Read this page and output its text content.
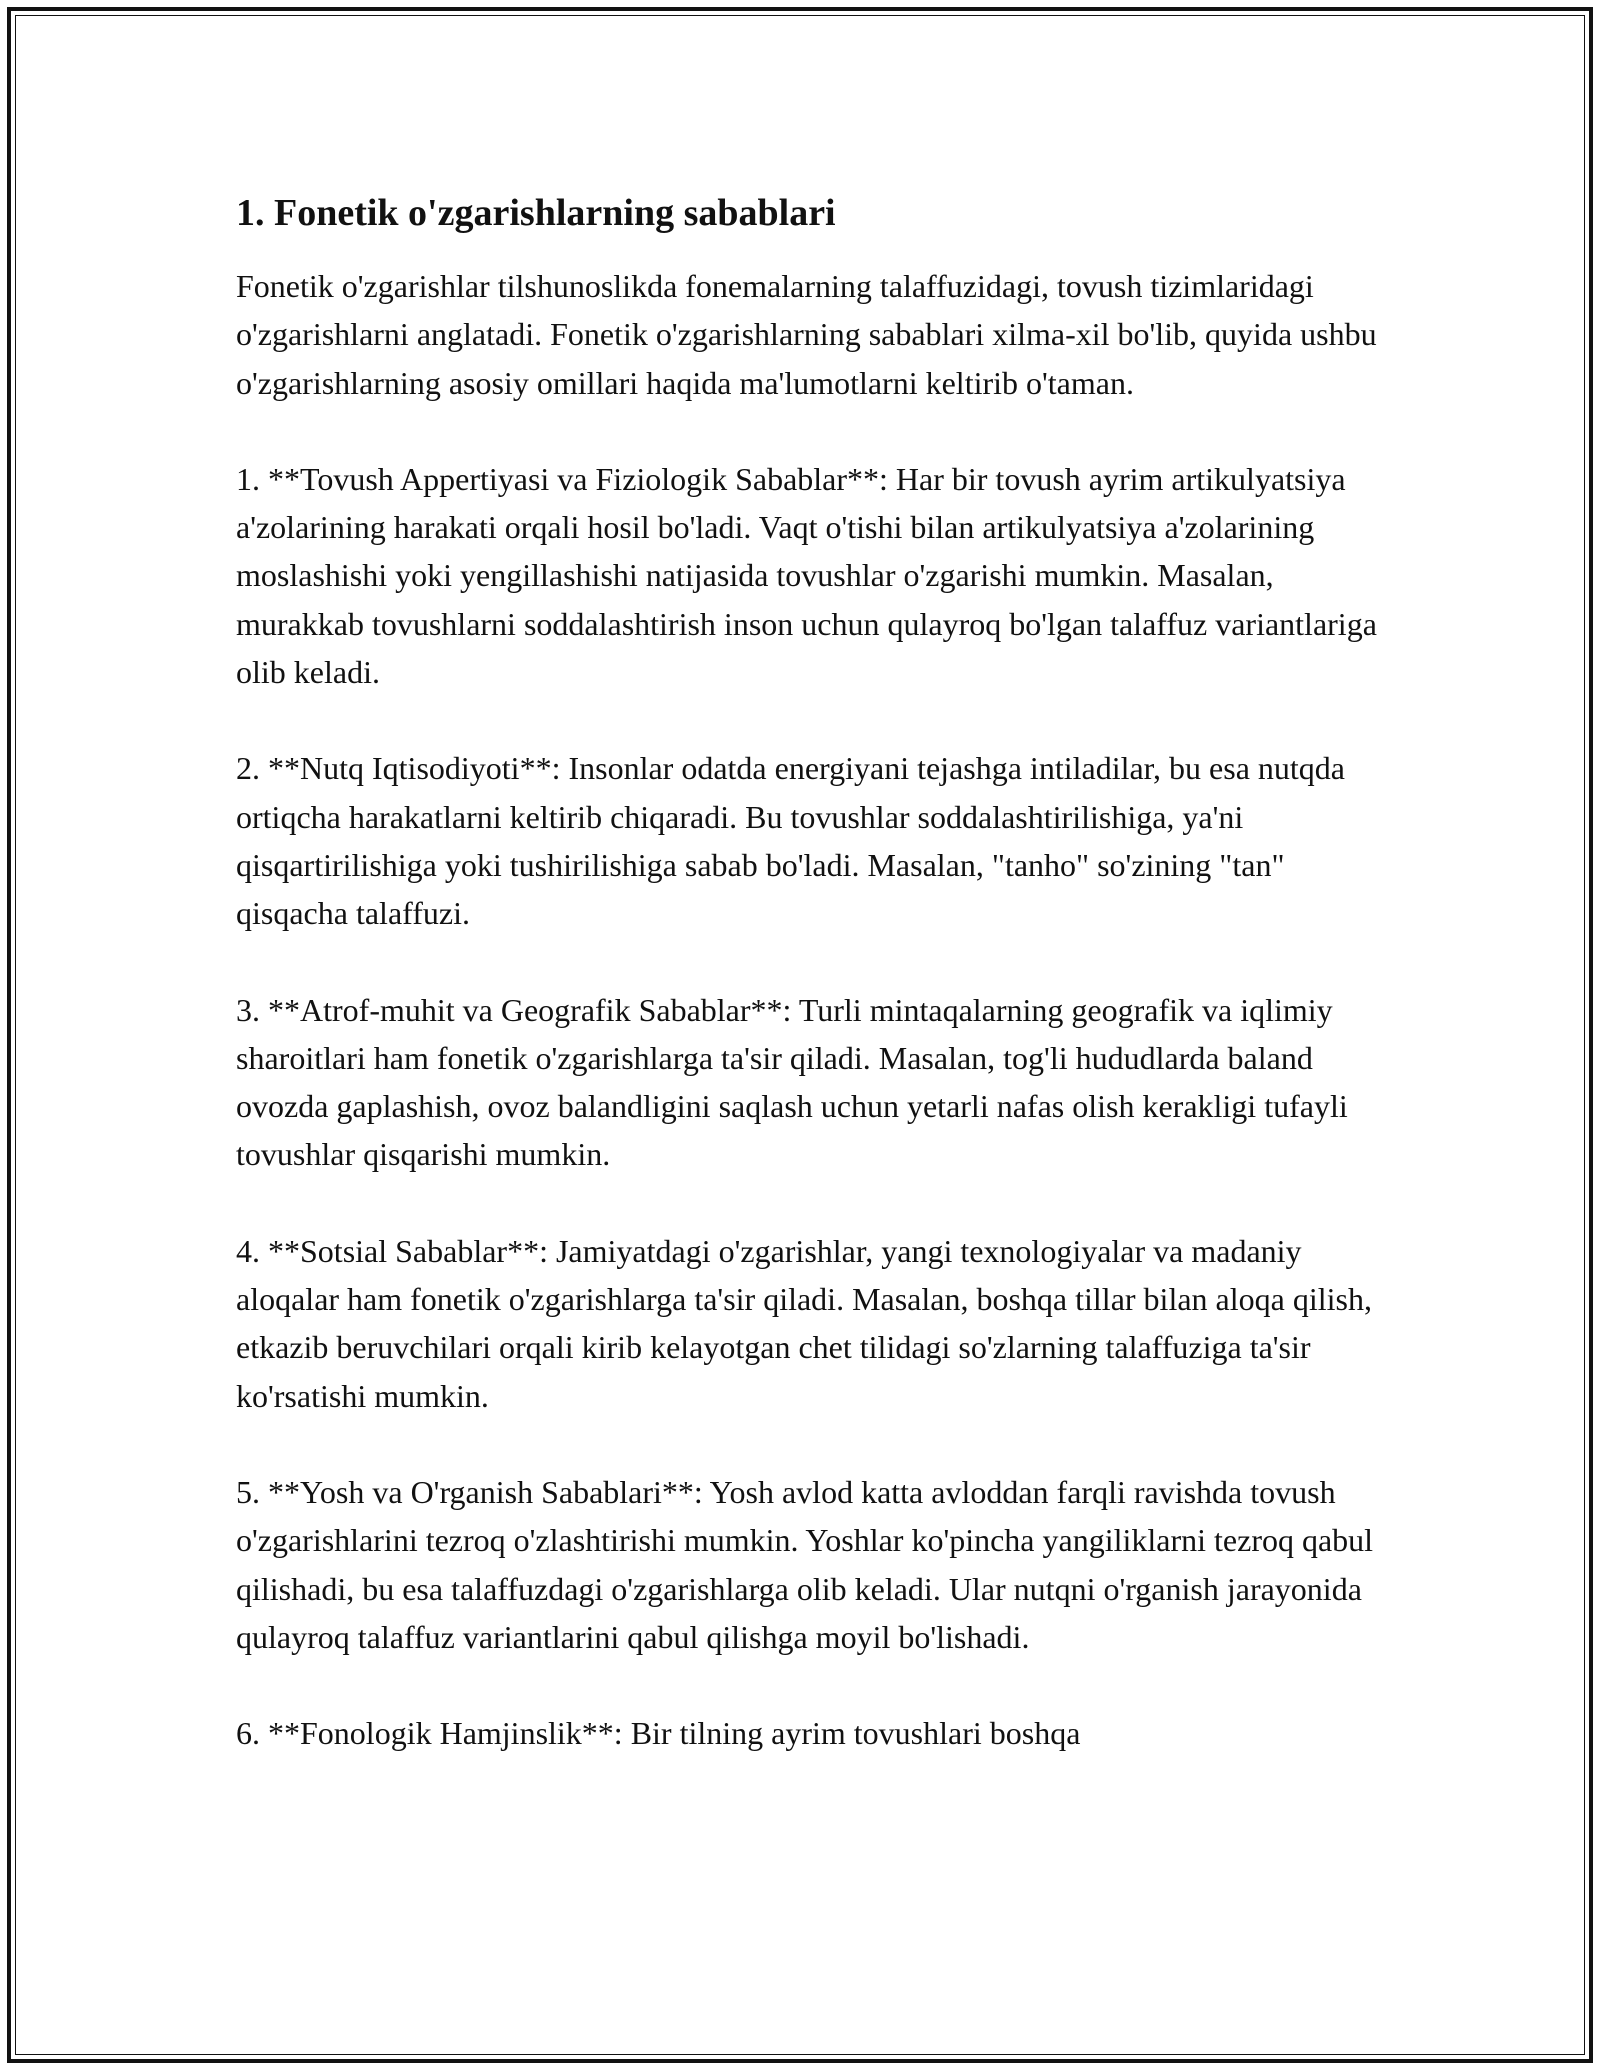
1. Fonetik o'zgarishlarning sabablari

Fonetik o'zgarishlar tilshunoslikda fonemalarning talaffuzidagi, tovush tizimlaridagi o'zgarishlarni anglatadi. Fonetik o'zgarishlarning sabablari xilma-xil bo'lib, quyida ushbu o'zgarishlarning asosiy omillari haqida ma'lumotlarni keltirib o'taman.

1. **Tovush Appertiyasi va Fiziologik Sabablar**: Har bir tovush ayrim artikulyatsiya a'zolarining harakati orqali hosil bo'ladi. Vaqt o'tishi bilan artikulyatsiya a'zolarining moslashishi yoki yengillashishi natijasida tovushlar o'zgarishi mumkin. Masalan, murakkab tovushlarni soddalashtirish inson uchun qulayroq bo'lgan talaffuz variantlariga olib keladi.

2. **Nutq Iqtisodiyoti**: Insonlar odatda energiyani tejashga intiladilar, bu esa nutqda ortiqcha harakatlarni keltirib chiqaradi. Bu tovushlar soddalashtirilishiga, ya'ni qisqartirilishiga yoki tushirilishiga sabab bo'ladi. Masalan, "tanho" so'zining "tan" qisqacha talaffuzi.

3. **Atrof-muhit va Geografik Sabablar**: Turli mintaqalarning geografik va iqlimiy sharoitlari ham fonetik o'zgarishlarga ta'sir qiladi. Masalan, tog'li hududlarda baland ovozda gaplashish, ovoz balandligini saqlash uchun yetarli nafas olish kerakligi tufayli tovushlar qisqarishi mumkin.

4. **Sotsial Sabablar**: Jamiyatdagi o'zgarishlar, yangi texnologiyalar va madaniy aloqalar ham fonetik o'zgarishlarga ta'sir qiladi. Masalan, boshqa tillar bilan aloqa qilish, etkazib beruvchilari orqali kirib kelayotgan chet tilidagi so'zlarning talaffuziga ta'sir ko'rsatishi mumkin.

5. **Yosh va O'rganish Sabablari**: Yosh avlod katta avloddan farqli ravishda tovush o'zgarishlarini tezroq o'zlashtirishi mumkin. Yoshlar ko'pincha yangiliklarni tezroq qabul qilishadi, bu esa talaffuzdagi o'zgarishlarga olib keladi. Ular nutqni o'rganish jarayonida qulayroq talaffuz variantlarini qabul qilishga moyil bo'lishadi.

6. **Fonologik Hamjinslik**: Bir tilning ayrim tovushlari boshqa
